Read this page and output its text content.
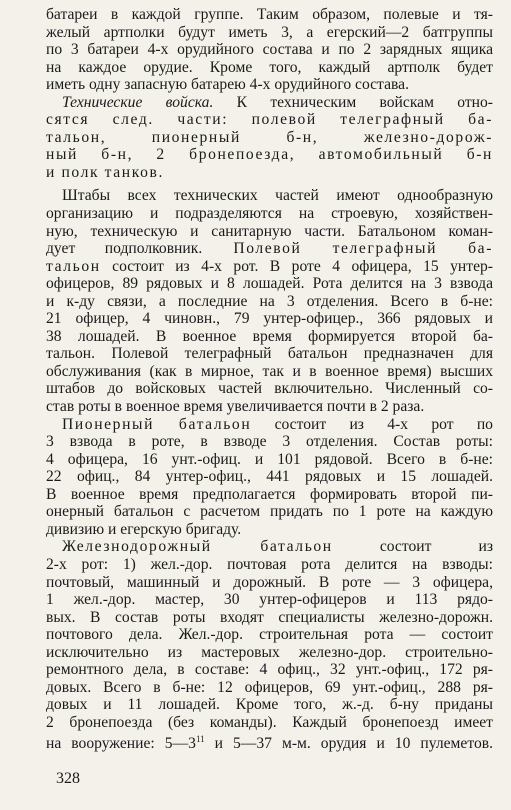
батареи в каждой группе. Таким образом, полевые и тя-
желый артполки будут иметь 3, а егерский—2 батгруппы
по 3 батареи 4-х орудийного состава и по 2 зарядных ящика
на каждое орудие. Кроме того, каждый артполк будет
иметь одну запасную батарею 4-х орудийного состава.
Технические войска. К техническим войскам отно-
сятся след. части: полевой телеграфный ба-
тальон, пионерный б-н, железно-дорож-
ный б-н, 2 бронепоезда, автомобильный б-н
и полк танков.
Штабы всех технических частей имеют однообразную
организацию и подразделяются на строевую, хозяйствен-
ную, техническую и санитарную части. Батальоном коман-
дует подполковник. Полевой телеграфный ба-
тальон состоит из 4-х рот. В роте 4 офицера, 15 унтер-
офицеров, 89 рядовых и 8 лошадей. Рота делится на 3 взвода
и к-ду связи, а последние на 3 отделения. Всего в б-не:
21 офицер, 4 чиновн., 79 унтер-офицер., 366 рядовых и
38 лошадей. В военное время формируется второй ба-
тальон. Полевой телеграфный батальон предназначен для
обслуживания (как в мирное, так и в военное время) высших
штабов до войсковых частей включительно. Численный со-
став роты в военное время увеличивается почти в 2 раза.
Пионерный батальон состоит из 4-х рот по
3 взвода в роте, в взводе 3 отделения. Состав роты:
4 офицера, 16 унт.-офиц. и 101 рядовой. Всего в б-не:
22 офиц., 84 унтер-офиц., 441 рядовых и 15 лошадей.
В военное время предполагается формировать второй пи-
онерный батальон с расчетом придать по 1 роте на каждую
дивизию и егерскую бригаду.
Железнодорожный батальон состоит из
2-х рот: 1) жел.-дор. почтовая рота делится на взводы:
почтовый, машинный и дорожный. В роте — 3 офицера,
1 жел.-дор. мастер, 30 унтер-офицеров и 113 рядо-
вых. В состав роты входят специалисты железно-дорожн.
почтового дела. Жел.-дор. строительная рота — состоит
исключительно из мастеровых железно-дор. строительно-
ремонтного дела, в составе: 4 офиц., 32 унт.-офиц., 172 ря-
довых. Всего в б-не: 12 офицеров, 69 унт.-офиц., 288 ря-
довых и 11 лошадей. Кроме того, ж.-д. б-ну приданы
2 бронепоезда (без команды). Каждый бронепоезд имеет
на вооружение: $5—3^{11}$ и 5—37 м-м. орудия и 10 пулеметов.
328
